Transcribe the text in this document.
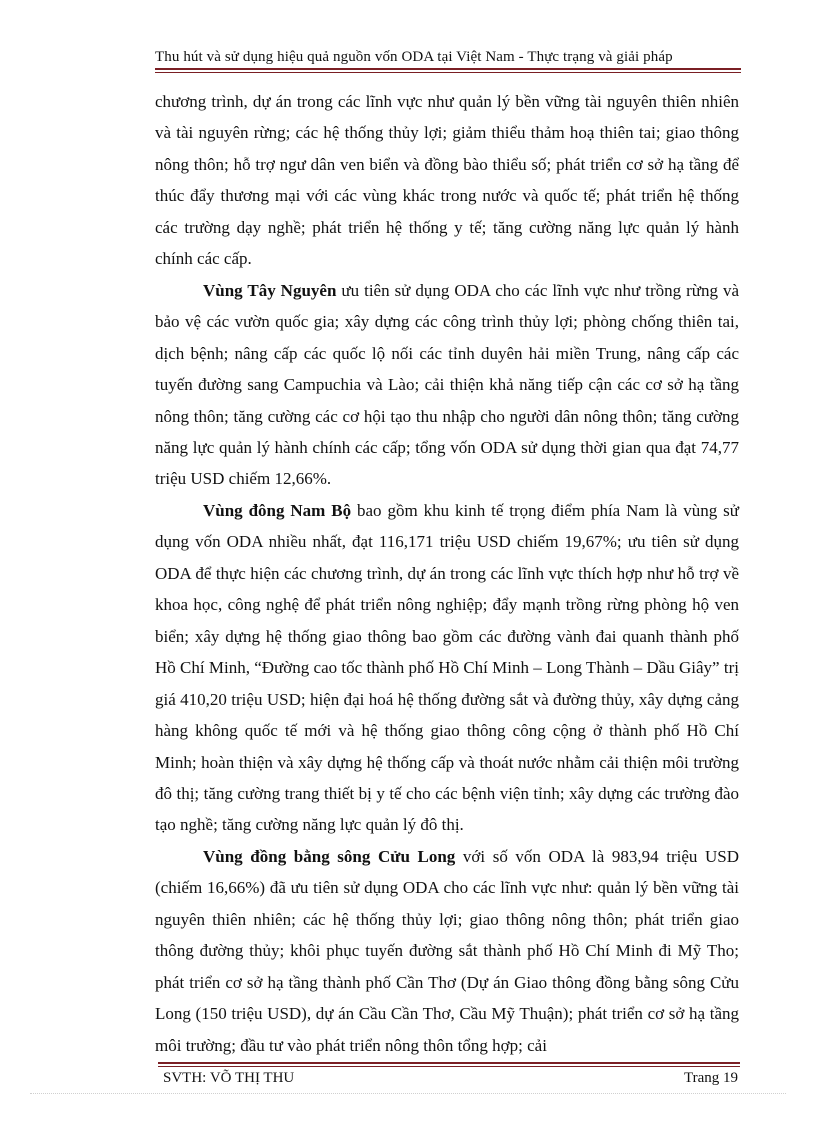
Thu hút và sử dụng hiệu quả nguồn vốn ODA tại Việt Nam - Thực trạng và giải pháp

chương trình, dự án trong các lĩnh vực như quản lý bền vững tài nguyên thiên nhiên và tài nguyên rừng; các hệ thống thủy lợi; giảm thiểu thảm hoạ thiên tai; giao thông nông thôn; hỗ trợ ngư dân ven biển và đồng bào thiểu số; phát triển cơ sở hạ tầng để thúc đẩy thương mại với các vùng khác trong nước và quốc tế; phát triển hệ thống các trường dạy nghề; phát triển hệ thống y tế; tăng cường năng lực quản lý hành chính các cấp.

Vùng Tây Nguyên ưu tiên sử dụng ODA cho các lĩnh vực như trồng rừng và bảo vệ các vườn quốc gia; xây dựng các công trình thủy lợi; phòng chống thiên tai, dịch bệnh; nâng cấp các quốc lộ nối các tỉnh duyên hải miền Trung, nâng cấp các tuyến đường sang Campuchia và Lào; cải thiện khả năng tiếp cận các cơ sở hạ tầng nông thôn; tăng cường các cơ hội tạo thu nhập cho người dân nông thôn; tăng cường năng lực quản lý hành chính các cấp; tổng vốn ODA sử dụng thời gian qua đạt 74,77 triệu USD chiếm 12,66%.

Vùng đông Nam Bộ bao gồm khu kinh tế trọng điểm phía Nam là vùng sử dụng vốn ODA nhiều nhất, đạt 116,171 triệu USD chiếm 19,67%; ưu tiên sử dụng ODA để thực hiện các chương trình, dự án trong các lĩnh vực thích hợp như hỗ trợ về khoa học, công nghệ để phát triển nông nghiệp; đẩy mạnh trồng rừng phòng hộ ven biển; xây dựng hệ thống giao thông bao gồm các đường vành đai quanh thành phố Hồ Chí Minh, “Đường cao tốc thành phố Hồ Chí Minh – Long Thành – Dầu Giây” trị giá 410,20 triệu USD; hiện đại hoá hệ thống đường sắt và đường thủy, xây dựng cảng hàng không quốc tế mới và hệ thống giao thông công cộng ở thành phố Hồ Chí Minh; hoàn thiện và xây dựng hệ thống cấp và thoát nước nhằm cải thiện môi trường đô thị; tăng cường trang thiết bị y tế cho các bệnh viện tỉnh; xây dựng các trường đào tạo nghề; tăng cường năng lực quản lý đô thị.

Vùng đồng bằng sông Cửu Long với số vốn ODA là 983,94 triệu USD (chiếm 16,66%) đã ưu tiên sử dụng ODA cho các lĩnh vực như: quản lý bền vững tài nguyên thiên nhiên; các hệ thống thủy lợi; giao thông nông thôn; phát triển giao thông đường thủy; khôi phục tuyến đường sắt thành phố Hồ Chí Minh đi Mỹ Tho; phát triển cơ sở hạ tầng thành phố Cần Thơ (Dự án Giao thông đồng bằng sông Cửu Long (150 triệu USD), dự án Cầu Cần Thơ, Cầu Mỹ Thuận); phát triển cơ sở hạ tầng môi trường; đầu tư vào phát triển nông thôn tổng hợp; cải

SVTH: VÕ THỊ THU	Trang 19
